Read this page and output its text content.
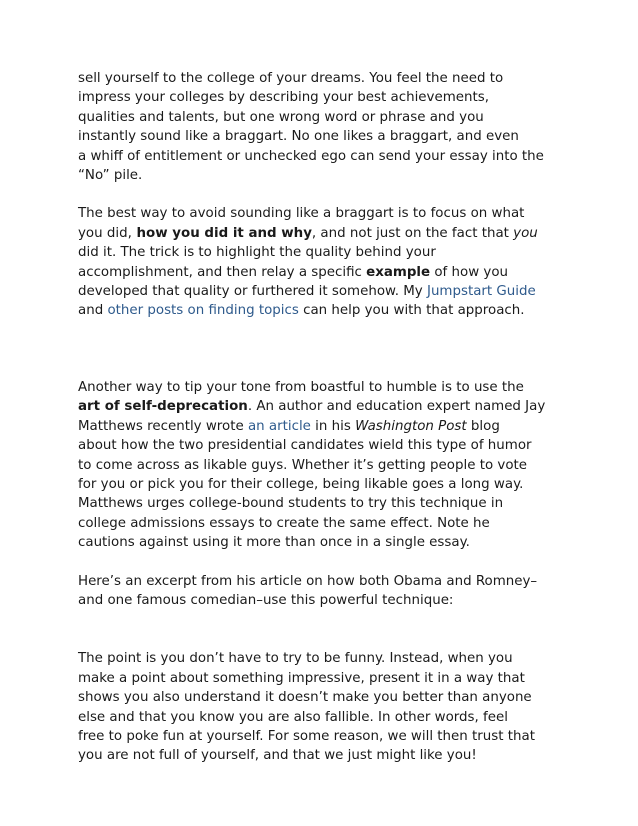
sell yourself to the college of your dreams. You feel the need to

impress your colleges by describing your best achievements,

qualities and talents, but one wrong word or phrase and you

instantly sound like a braggart. No one likes a braggart, and even

a whiff of entitlement or unchecked ego can send your essay into the

“No” pile.

The best way to avoid sounding like a braggart is to focus on what

you did, how you did it and why, and not just on the fact that you

did it. The trick is to highlight the quality behind your

accomplishment, and then relay a specific example of how you

developed that quality or furthered it somehow. My Jumpstart Guide

and other posts on finding topics can help you with that approach.

Another way to tip your tone from boastful to humble is to use the

art of self-deprecation. An author and education expert named Jay

Matthews recently wrote an article in his Washington Post blog

about how the two presidential candidates wield this type of humor

to come across as likable guys. Whether it’s getting people to vote

for you or pick you for their college, being likable goes a long way.

Matthews urges college-bound students to try this technique in

college admissions essays to create the same effect. Note he

cautions against using it more than once in a single essay.

Here’s an excerpt from his article on how both Obama and Romney–

and one famous comedian–use this powerful technique:

The point is you don’t have to try to be funny. Instead, when you

make a point about something impressive, present it in a way that

shows you also understand it doesn’t make you better than anyone

else and that you know you are also fallible. In other words, feel

free to poke fun at yourself. For some reason, we will then trust that

you are not full of yourself, and that we just might like you!
